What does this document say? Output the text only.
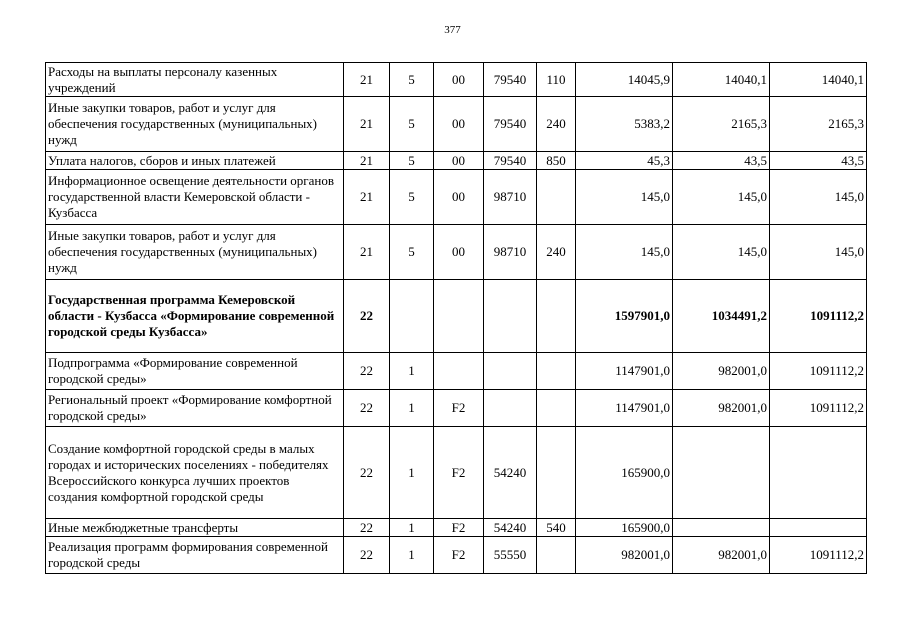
377
Расходы на выплаты персоналу казенных учреждений	21	5	00	79540	110	14045,9	14040,1	14040,1
Иные закупки товаров, работ и услуг для обеспечения государственных (муниципальных) нужд	21	5	00	79540	240	5383,2	2165,3	2165,3
Уплата налогов, сборов и иных платежей	21	5	00	79540	850	45,3	43,5	43,5
Информационное освещение деятельности органов государственной власти Кемеровской области - Кузбасса	21	5	00	98710		145,0	145,0	145,0
Иные закупки товаров, работ и услуг для обеспечения государственных (муниципальных) нужд	21	5	00	98710	240	145,0	145,0	145,0
Государственная программа Кемеровской области - Кузбасса «Формирование современной городской среды Кузбасса»	22					1597901,0	1034491,2	1091112,2
Подпрограмма «Формирование современной городской среды»	22	1				1147901,0	982001,0	1091112,2
Региональный проект «Формирование комфортной городской среды»	22	1	F2			1147901,0	982001,0	1091112,2
Создание комфортной городской среды в малых городах и исторических поселениях - победителях Всероссийского конкурса лучших проектов создания комфортной городской среды	22	1	F2	54240		165900,0		
Иные межбюджетные трансферты	22	1	F2	54240	540	165900,0		
Реализация программ формирования современной городской среды	22	1	F2	55550		982001,0	982001,0	1091112,2
